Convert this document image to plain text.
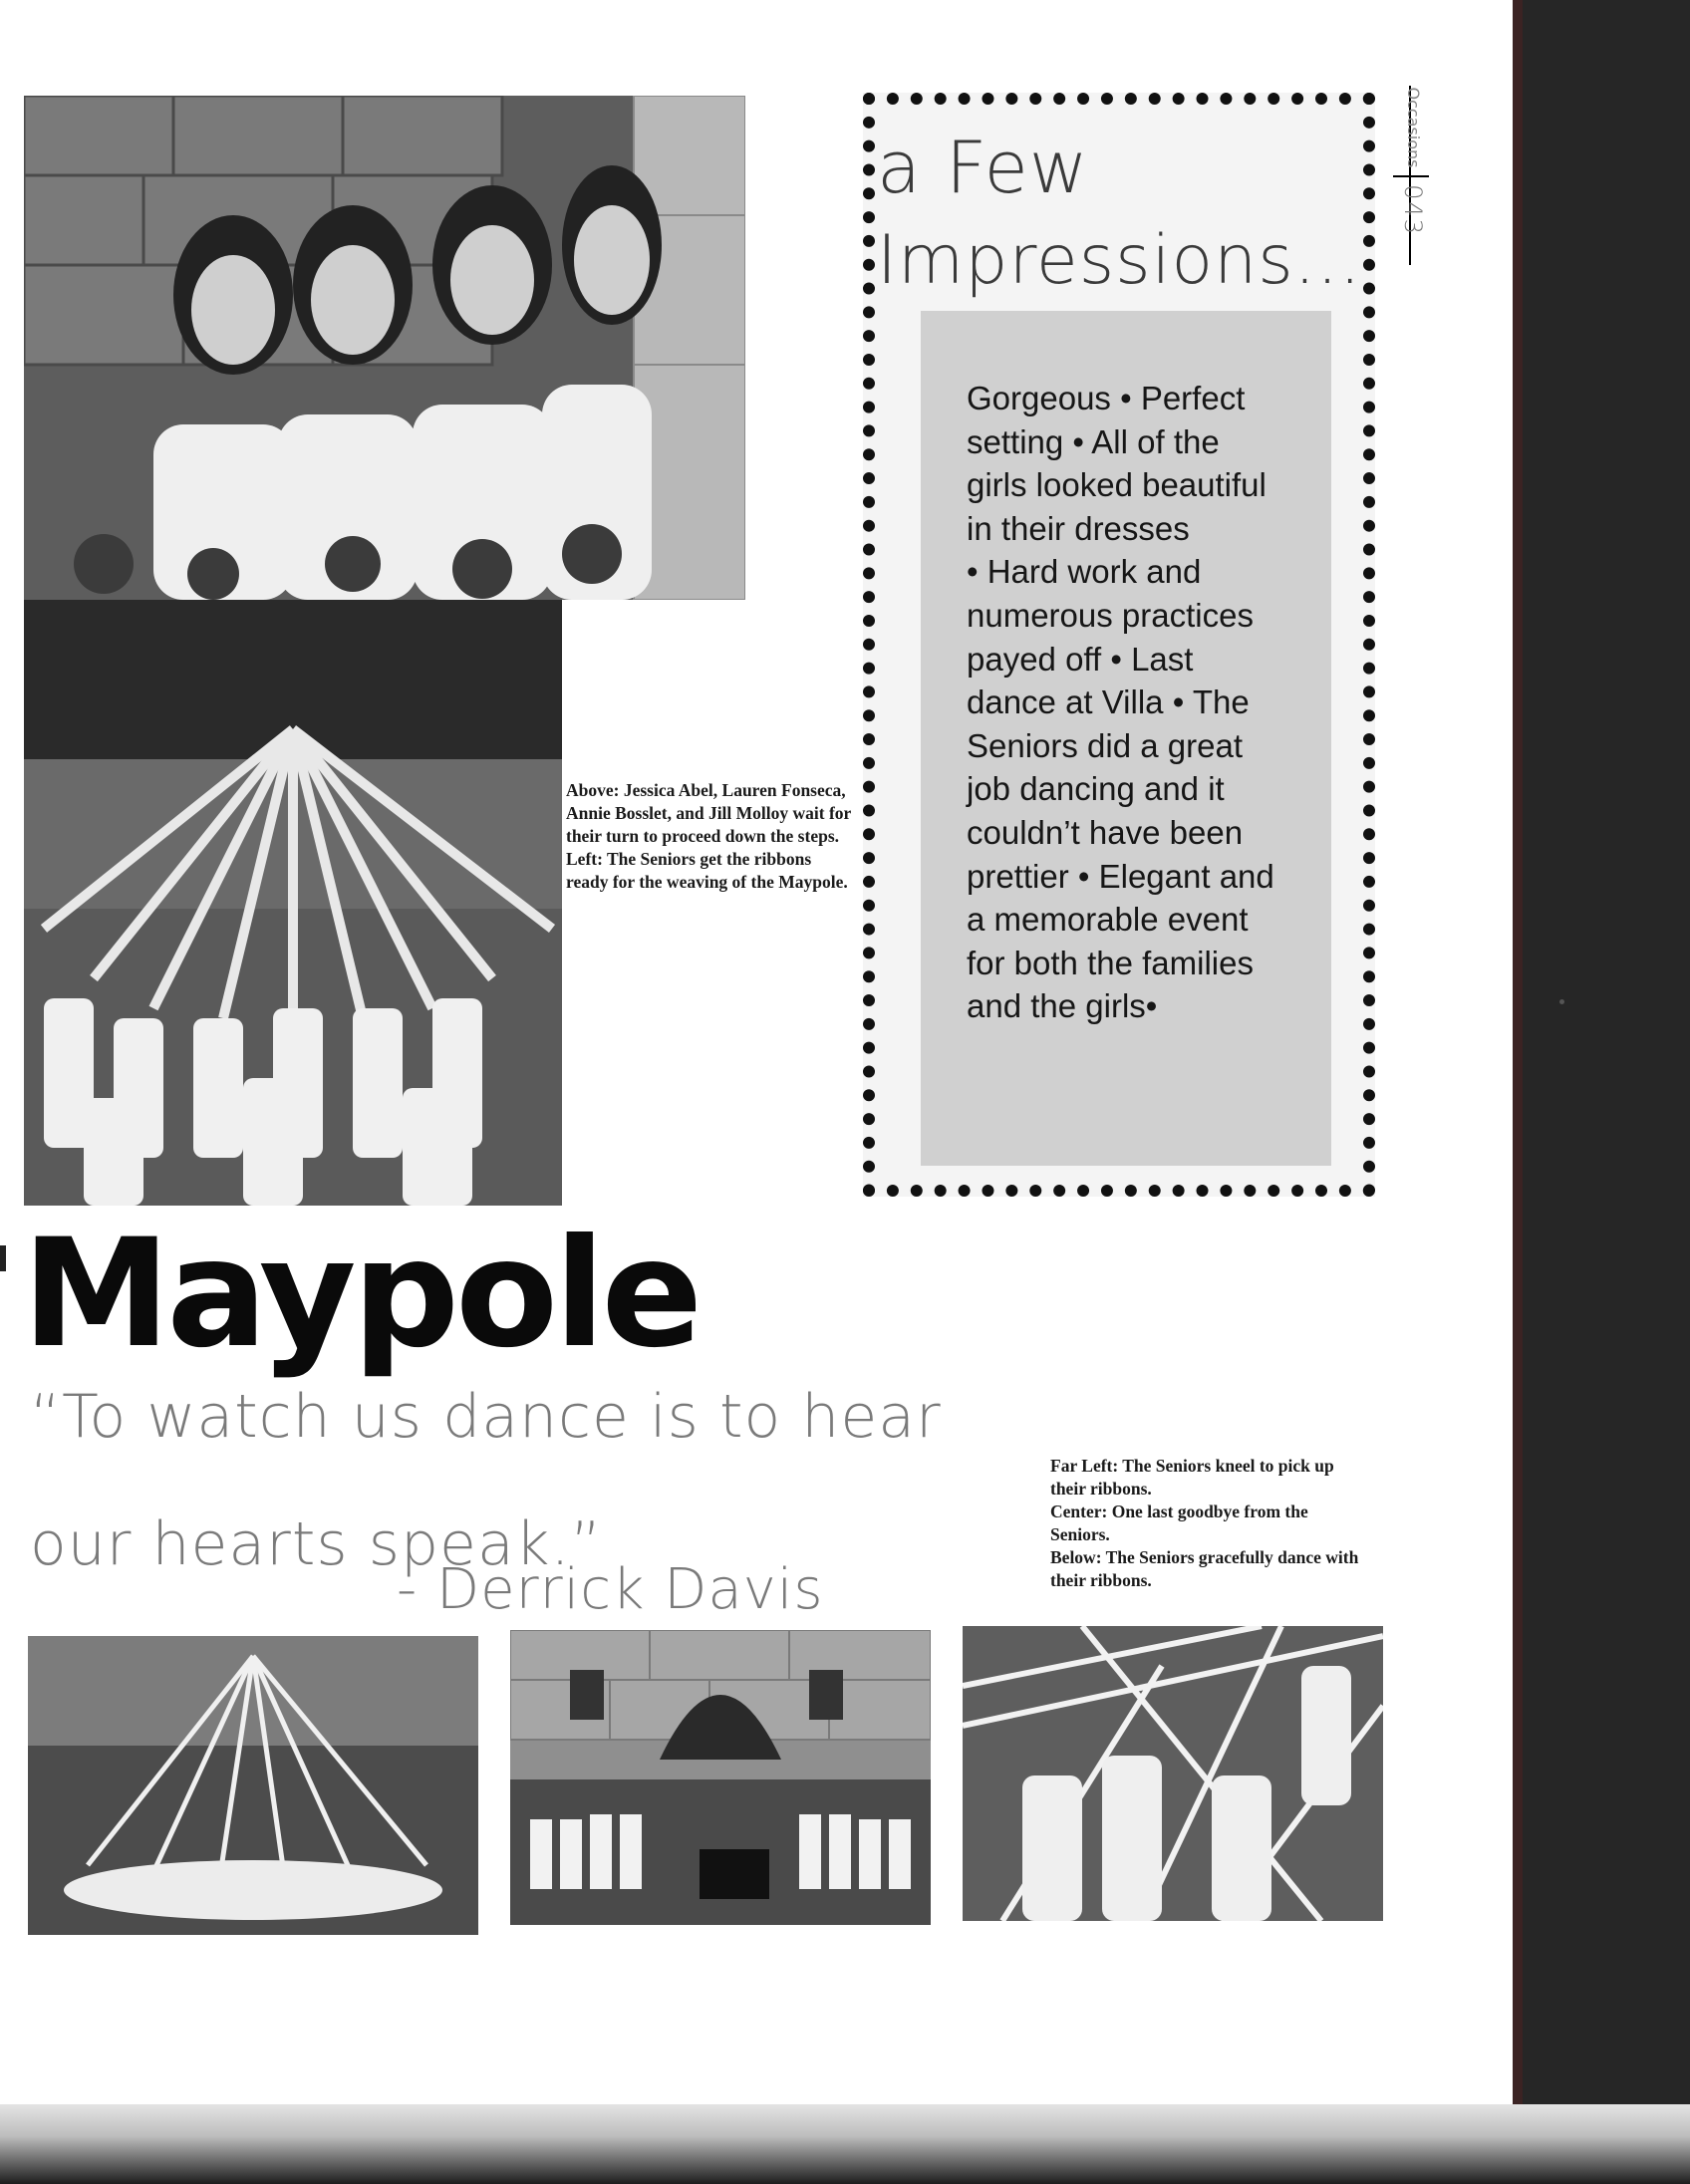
Occasions
043
a Few
Impressions...
Gorgeous • Perfect
setting • All of the
girls looked beautiful
in their dresses
• Hard work and
numerous practices
payed off • Last
dance at Villa • The
Seniors did a great
job dancing and it
couldn’t have been
prettier • Elegant and
a memorable event
for both the families
and the girls•
Above: Jessica Abel, Lauren Fonseca, Annie Bosslet, and Jill Molloy wait for their turn to proceed down the steps.
Left: The Seniors get the ribbons ready for the weaving of the Maypole.
Far Left: The Seniors kneel to pick up their ribbons.
Center: One last goodbye from the Seniors.
Below: The Seniors gracefully dance with their ribbons.
Maypole
“To watch us dance is to hear
our hearts speak.”
- Derrick Davis
